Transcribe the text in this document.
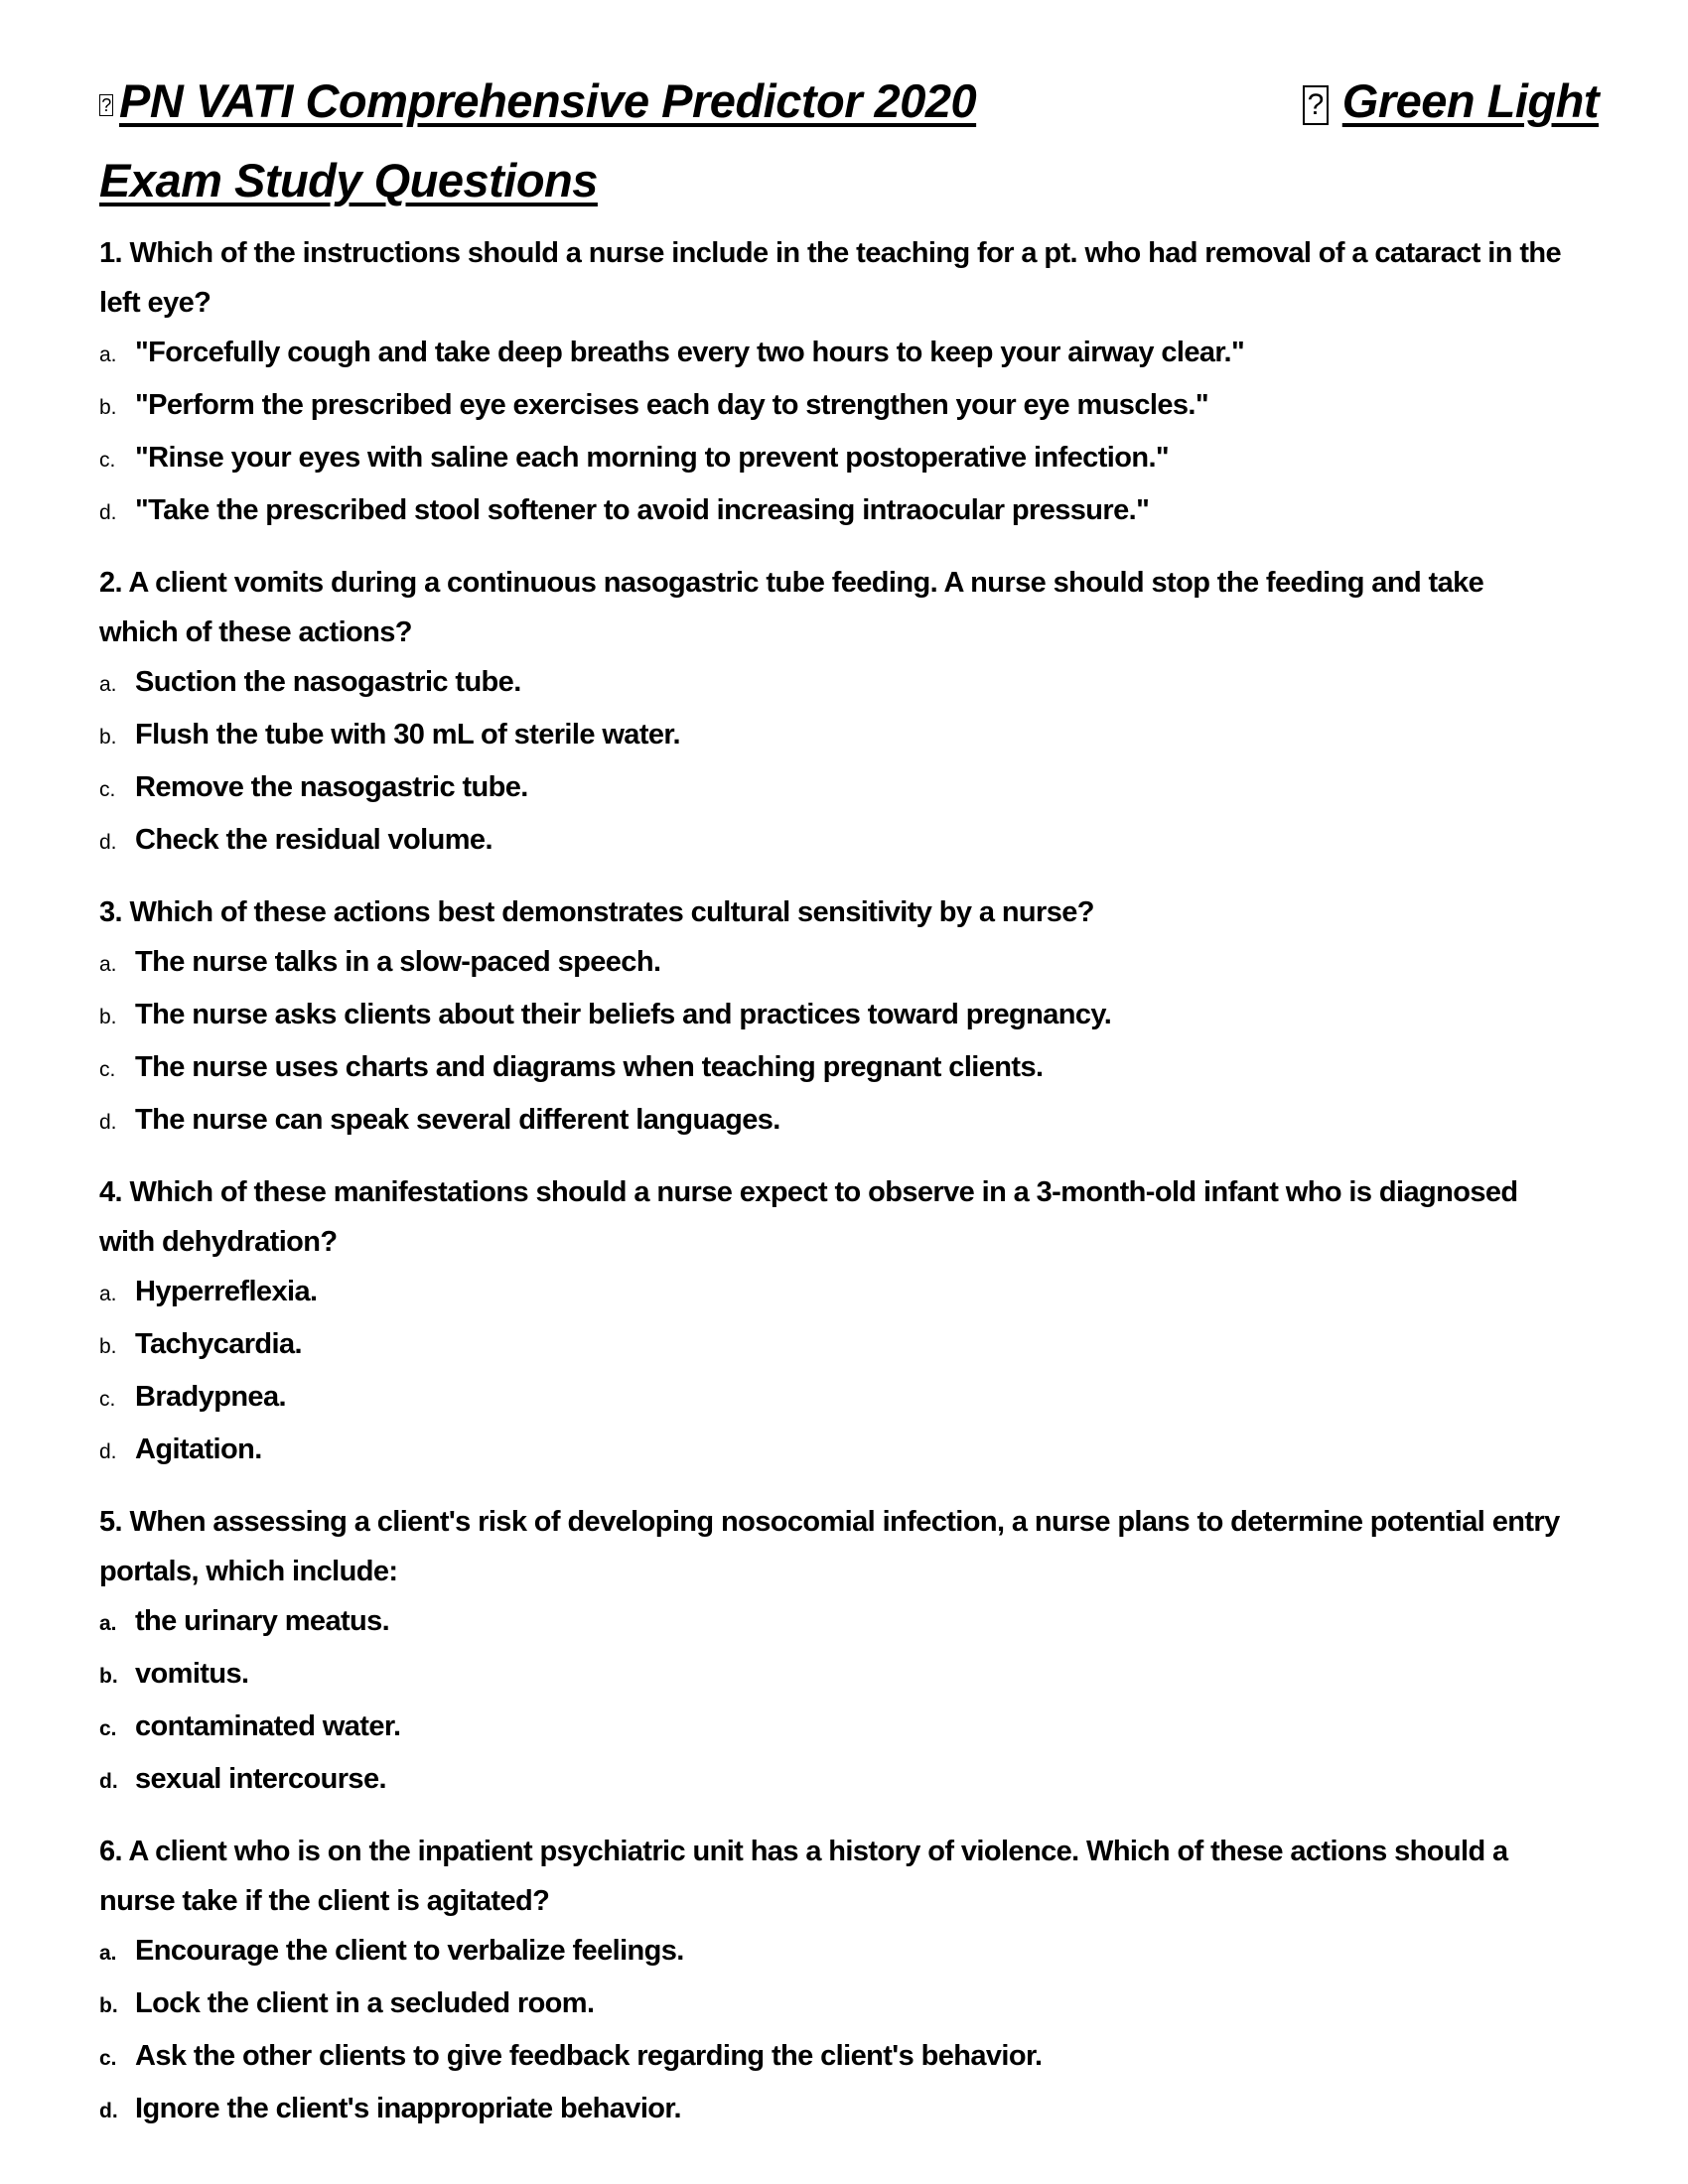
? PN VATI Comprehensive Predictor 2020	? Green Light
Exam Study Questions
1. Which of the instructions should a nurse include in the teaching for a pt. who had removal of a cataract in the left eye?
a. "Forcefully cough and take deep breaths every two hours to keep your airway clear."
b. "Perform the prescribed eye exercises each day to strengthen your eye muscles."
c. "Rinse your eyes with saline each morning to prevent postoperative infection."
d. "Take the prescribed stool softener to avoid increasing intraocular pressure."
2. A client vomits during a continuous nasogastric tube feeding. A nurse should stop the feeding and take which of these actions?
a. Suction the nasogastric tube.
b. Flush the tube with 30 mL of sterile water.
c. Remove the nasogastric tube.
d. Check the residual volume.
3. Which of these actions best demonstrates cultural sensitivity by a nurse?
a. The nurse talks in a slow-paced speech.
b. The nurse asks clients about their beliefs and practices toward pregnancy.
c. The nurse uses charts and diagrams when teaching pregnant clients.
d. The nurse can speak several different languages.
4. Which of these manifestations should a nurse expect to observe in a 3-month-old infant who is diagnosed with dehydration?
a. Hyperreflexia.
b. Tachycardia.
c. Bradypnea.
d. Agitation.
5. When assessing a client's risk of developing nosocomial infection, a nurse plans to determine potential entry portals, which include:
a. the urinary meatus.
b. vomitus.
c. contaminated water.
d. sexual intercourse.
6. A client who is on the inpatient psychiatric unit has a history of violence. Which of these actions should a nurse take if the client is agitated?
a. Encourage the client to verbalize feelings.
b. Lock the client in a secluded room.
c. Ask the other clients to give feedback regarding the client's behavior.
d. Ignore the client's inappropriate behavior.
